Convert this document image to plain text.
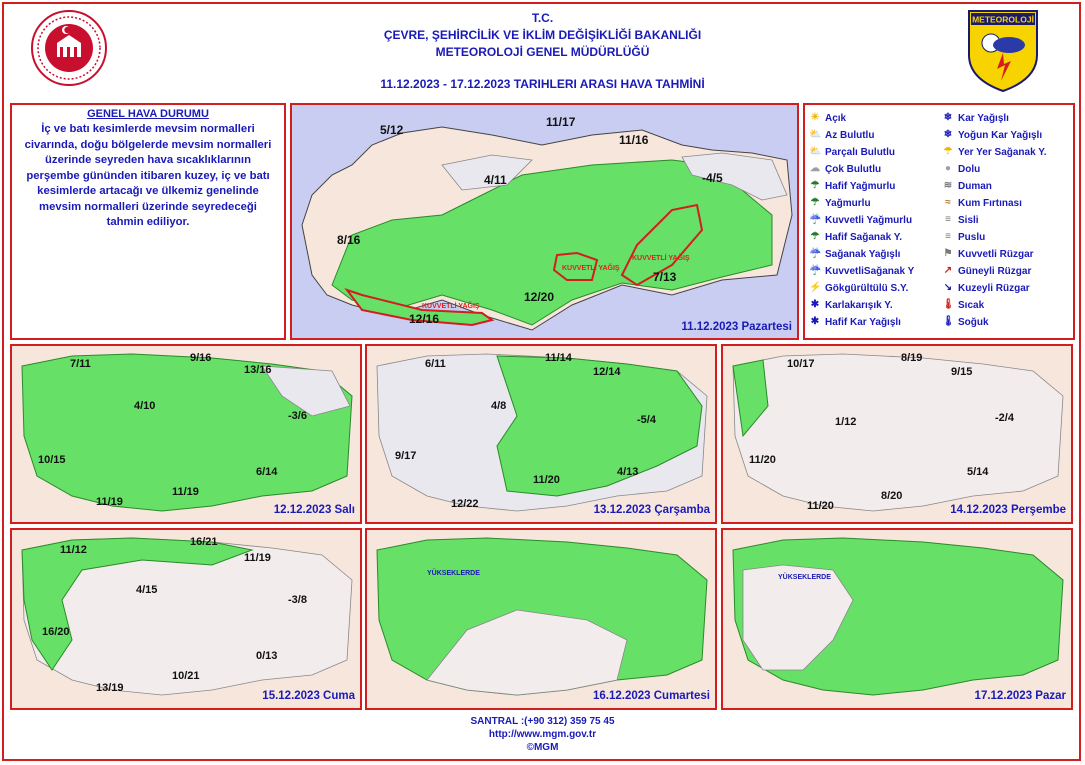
T.C.
ÇEVRE, ŞEHİRCİLİK VE İKLİM DEĞİŞİKLİĞİ BAKANLIĞI
METEOROLOJİ GENEL MÜDÜRLÜĞÜ
11.12.2023 - 17.12.2023 TARIHLERI ARASI HAVA TAHMİNİ
METEOROLOJİ
GENEL HAVA DURUMU
İç ve batı kesimlerde mevsim normalleri civarında, doğu bölgelerde mevsim normalleri üzerinde seyreden hava sıcaklıklarının perşembe gününden itibaren kuzey, iç ve batı kesimlerde artacağı ve ülkemiz genelinde mevsim normalleri üzerinde seyredeceği tahmin ediliyor.
5/12
11/17
11/16
4/11	-4/5
8/16
7/13
12/20
12/16
KUVVETLİ YAĞIŞ
KUVVETLİ YAĞIŞ
KUVVETLİ YAĞIŞ
11.12.2023 Pazartesi
☀ Açık
⛅ Az Bulutlu
⛅ Parçalı Bulutlu
☁ Çok Bulutlu
☂ Hafif Yağmurlu
☂ Yağmurlu
☔ Kuvvetli Yağmurlu
☂ Hafif Sağanak Y.
☔ Sağanak Yağışlı
☔ KuvvetliSağanak Y
⚡ Gökgürültülü S.Y.
✱ Karlakarışık Y.
✱ Hafif Kar Yağışlı
❄ Kar Yağışlı
❄ Yoğun Kar Yağışlı
☂ Yer Yer Sağanak Y.
● Dolu
≋ Duman
≈ Kum Fırtınası
≡ Sisli
≡ Puslu
⚑ Kuvvetli Rüzgar
↗ Güneyli Rüzgar
↘ Kuzeyli Rüzgar
🌡 Sıcak
🌡 Soğuk
7/11	9/16
13/16
4/10
-3/6
10/15
6/14
11/19
11/19
12.12.2023 Salı
6/11	11/14
12/14
4/8
-5/4
9/17
11/20
4/13
12/22	13.12.2023 Çarşamba
10/17	8/19
9/15
1/12	-2/4
11/20
5/14
8/20
11/20	14.12.2023 Perşembe
11/12
16/21
11/19
4/15
-3/8
16/20
0/13
10/21
13/19
15.12.2023 Cuma
YÜKSEKLERDE
16.12.2023 Cumartesi
YÜKSEKLERDE
17.12.2023 Pazar
SANTRAL :(+90 312) 359 75 45
http://www.mgm.gov.tr
©MGM
